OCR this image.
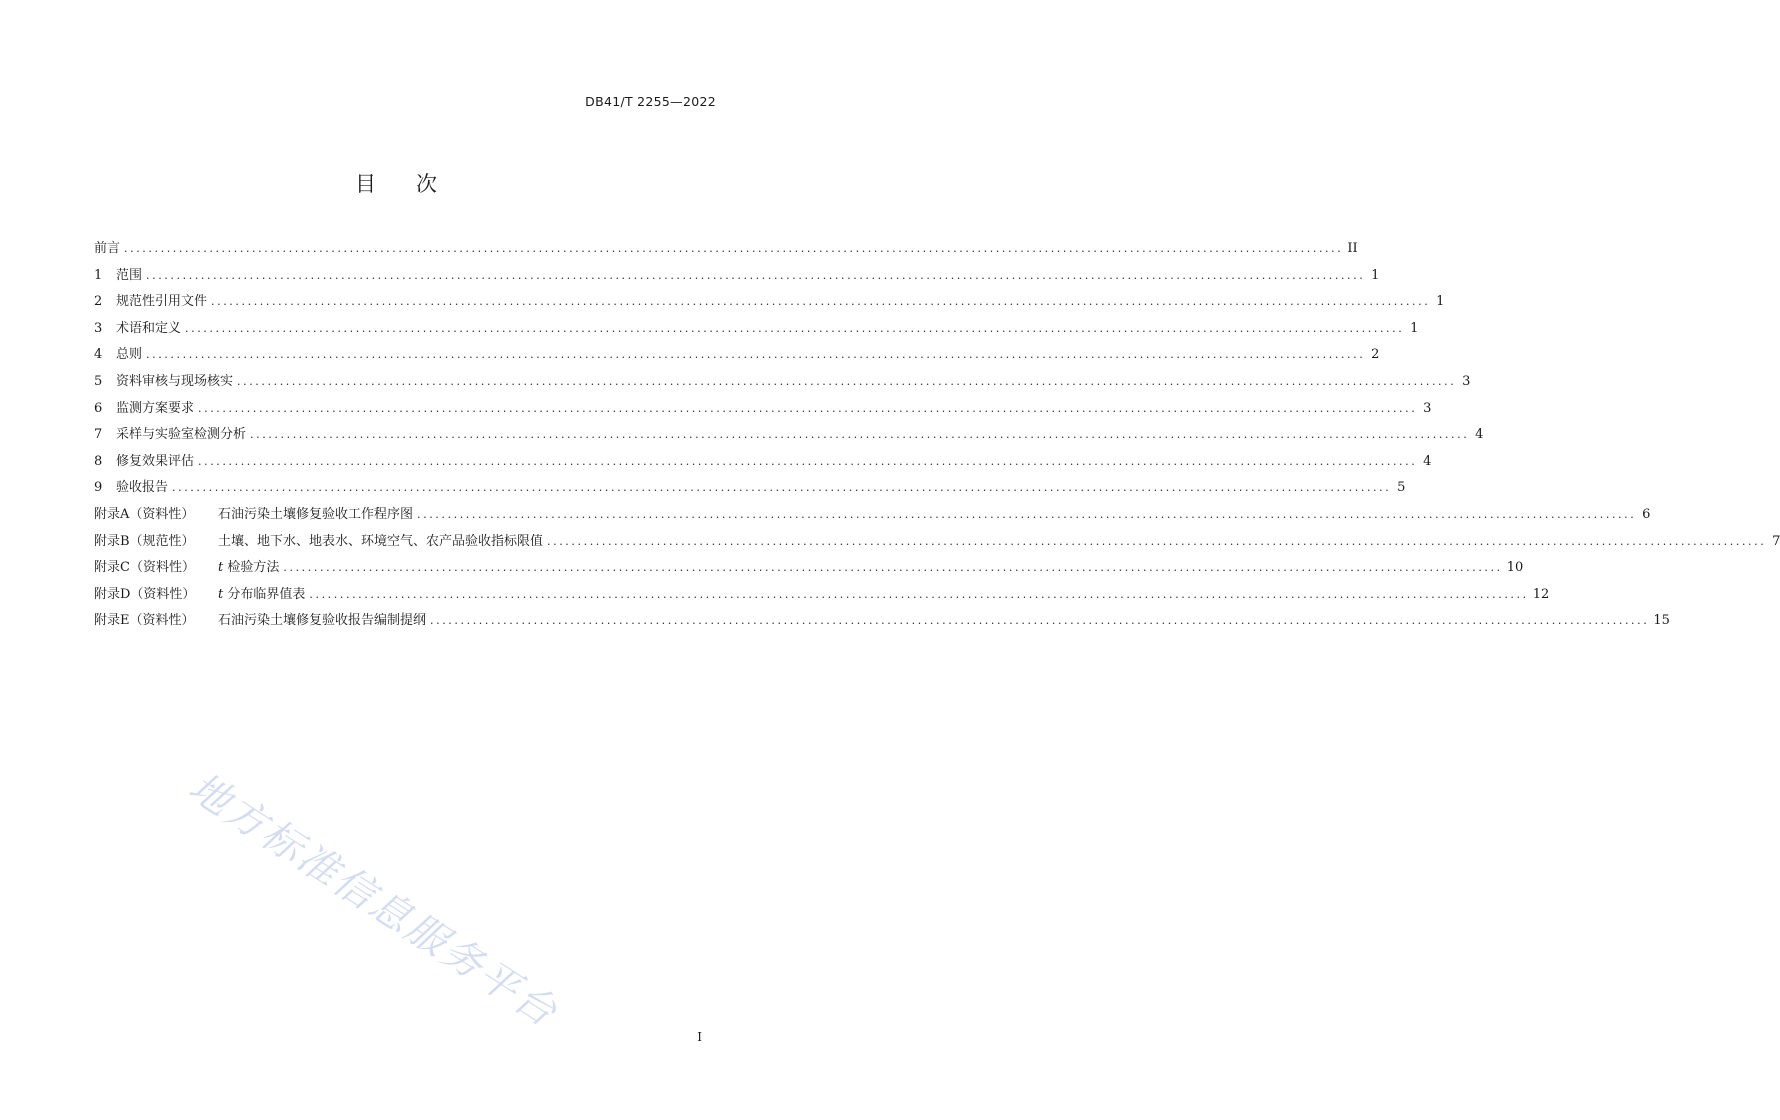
DB41/T 2255—2022
目次
前言 ........................................................................................................................................................................................................ II
1	范围 ........................................................................................................................................................................................................ 1
2	规范性引用文件 ........................................................................................................................................................................................................ 1
3	术语和定义 ........................................................................................................................................................................................................ 1
4	总则 ........................................................................................................................................................................................................ 2
5	资料审核与现场核实 ........................................................................................................................................................................................................ 3
6	监测方案要求 ........................................................................................................................................................................................................ 3
7	采样与实验室检测分析 ........................................................................................................................................................................................................ 4
8	修复效果评估 ........................................................................................................................................................................................................ 4
9	验收报告 ........................................................................................................................................................................................................ 5
附录A（资料性）	石油污染土壤修复验收工作程序图 ........................................................................................................................................................................................................ 6
附录B（规范性）	土壤、地下水、地表水、环境空气、农产品验收指标限值 ........................................................................................................................................................................................................ 7
附录C（资料性）	t 检验方法 ........................................................................................................................................................................................................ 10
附录D（资料性）	t 分布临界值表 ........................................................................................................................................................................................................ 12
附录E（资料性）	石油污染土壤修复验收报告编制提纲 ........................................................................................................................................................................................................ 15
地方标准信息服务平台
I
